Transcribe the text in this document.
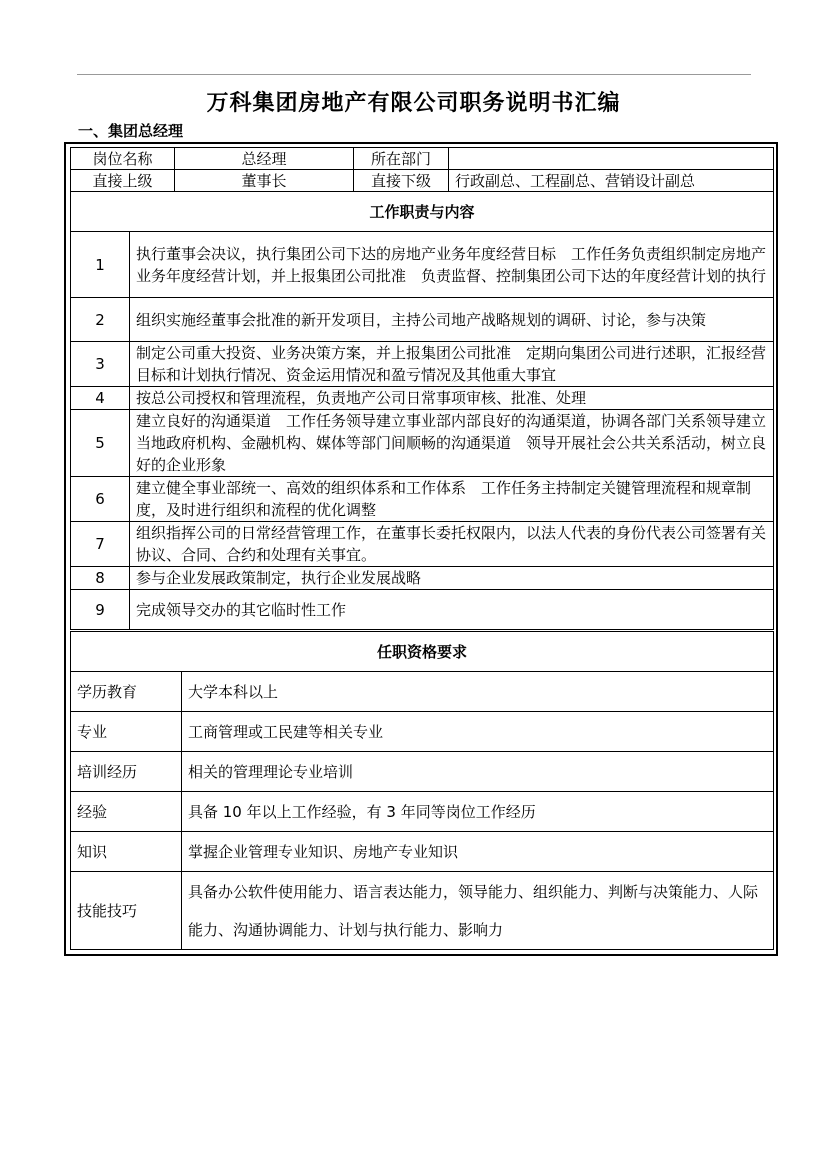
万科集团房地产有限公司职务说明书汇编
一、集团总经理
岗位名称		总经理	所在部门	
直接上级		董事长	直接下级	行政副总、工程副总、营销设计副总
工作职责与内容				
1	执行董事会决议，执行集团公司下达的房地产业务年度经营目标　工作任务负责组织制定房地产业务年度经营计划，并上报集团公司批准　负责监督、控制集团公司下达的年度经营计划的执行			
2	组织实施经董事会批准的新开发项目，主持公司地产战略规划的调研、讨论，参与决策			
3	制定公司重大投资、业务决策方案，并上报集团公司批准　定期向集团公司进行述职，汇报经营目标和计划执行情况、资金运用情况和盈亏情况及其他重大事宜			
4	按总公司授权和管理流程，负责地产公司日常事项审核、批准、处理			
5	建立良好的沟通渠道　工作任务领导建立事业部内部良好的沟通渠道，协调各部门关系领导建立当地政府机构、金融机构、媒体等部门间顺畅的沟通渠道　领导开展社会公共关系活动，树立良好的企业形象			
6	建立健全事业部统一、高效的组织体系和工作体系　工作任务主持制定关键管理流程和规章制度，及时进行组织和流程的优化调整			
7	组织指挥公司的日常经营管理工作，在董事长委托权限内，以法人代表的身份代表公司签署有关协议、合同、合约和处理有关事宜。			
8	参与企业发展政策制定，执行企业发展战略			
9	完成领导交办的其它临时性工作			
任职资格要求	
学历教育	大学本科以上
专业	工商管理或工民建等相关专业
培训经历	相关的管理理论专业培训
经验	具备 10 年以上工作经验，有 3 年同等岗位工作经历
知识	掌握企业管理专业知识、房地产专业知识
技能技巧	具备办公软件使用能力、语言表达能力，领导能力、组织能力、判断与决策能力、人际能力、沟通协调能力、计划与执行能力、影响力
